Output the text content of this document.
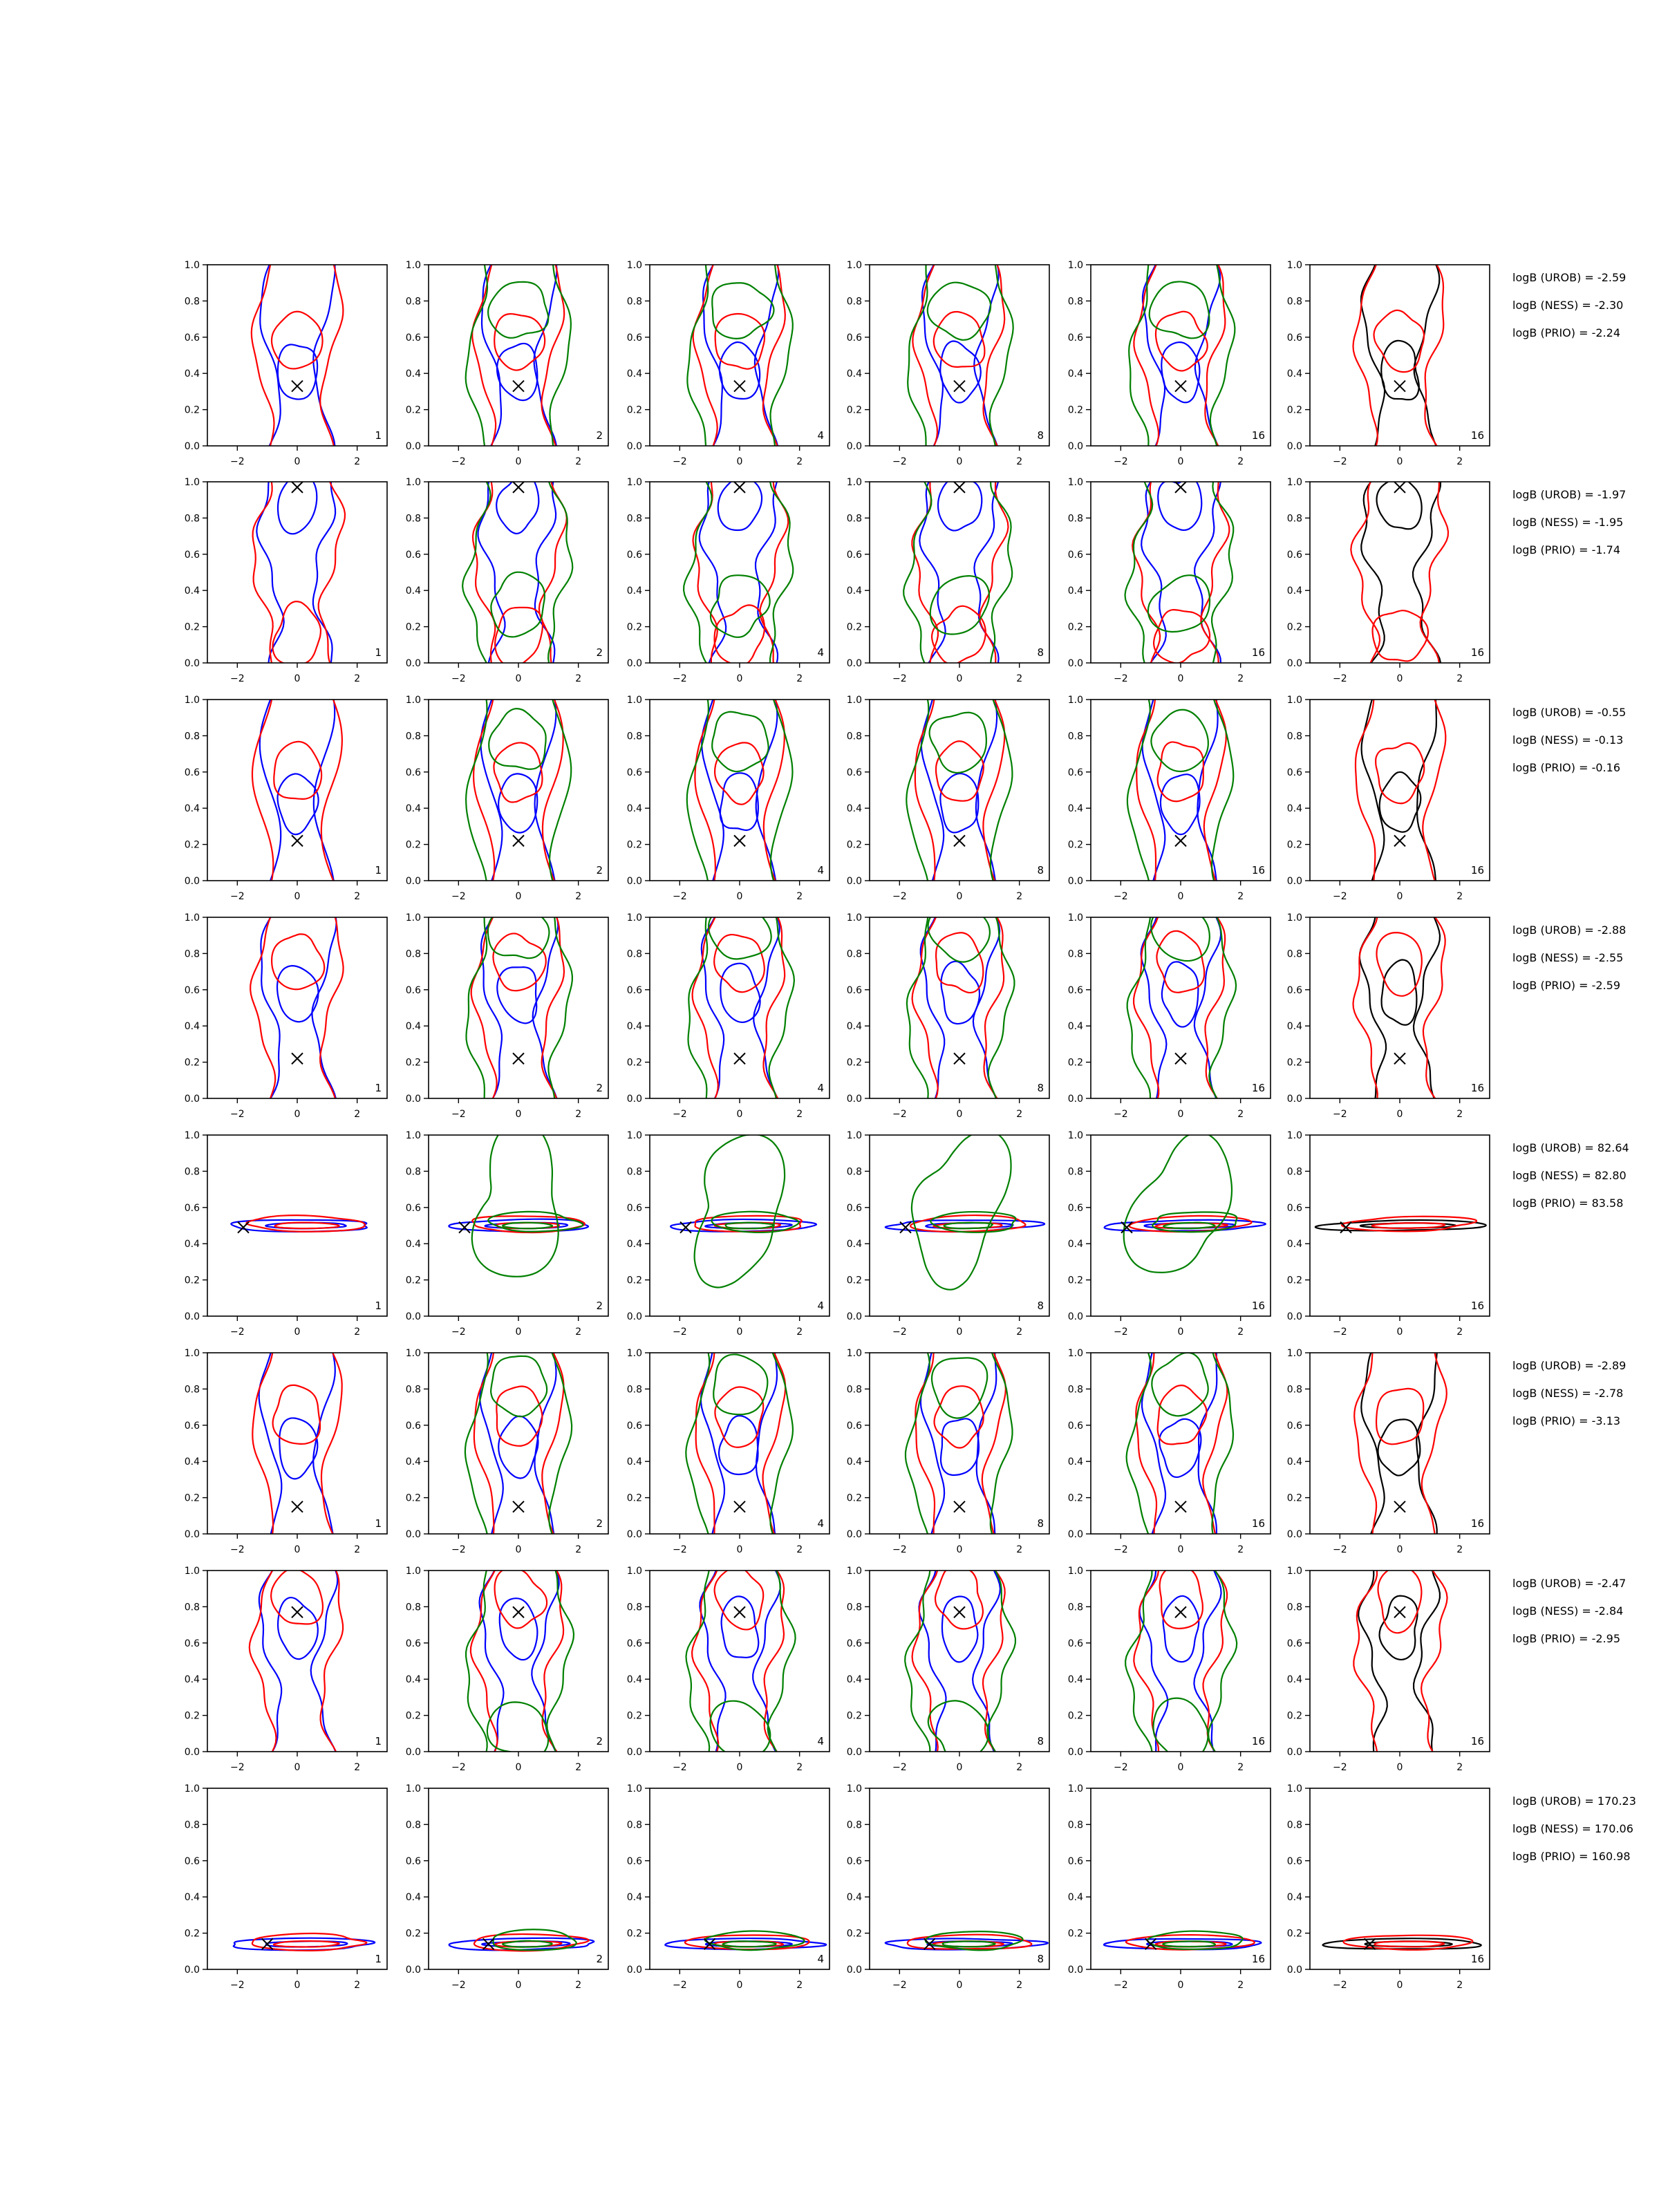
0.0
0.2
0.4
0.6
0.8
1.0
−2	0	2
1
0.0
0.2
0.4
0.6
0.8
1.0
−2	0	2
2
0.0
0.2
0.4
0.6
0.8
1.0
−2	0	2
4
0.0
0.2
0.4
0.6
0.8
1.0
−2	0	2
8
0.0
0.2
0.4
0.6
0.8
1.0
−2	0	2
16
0.0
0.2
0.4
0.6
0.8
1.0
−2	0	2
16
logB (UROB) = -2.59
logB (NESS) = -2.30
logB (PRIO) = -2.24
0.0
0.2
0.4
0.6
0.8
1.0
−2	0	2
1
0.0
0.2
0.4
0.6
0.8
1.0
−2	0	2
2
0.0
0.2
0.4
0.6
0.8
1.0
−2	0	2
4
0.0
0.2
0.4
0.6
0.8
1.0
−2	0	2
8
0.0
0.2
0.4
0.6
0.8
1.0
−2	0	2
16
0.0
0.2
0.4
0.6
0.8
1.0
−2	0	2
16
logB (UROB) = -1.97
logB (NESS) = -1.95
logB (PRIO) = -1.74
0.0
0.2
0.4
0.6
0.8
1.0
−2	0	2
1
0.0
0.2
0.4
0.6
0.8
1.0
−2	0	2
2
0.0
0.2
0.4
0.6
0.8
1.0
−2	0	2
4
0.0
0.2
0.4
0.6
0.8
1.0
−2	0	2
8
0.0
0.2
0.4
0.6
0.8
1.0
−2	0	2
16
0.0
0.2
0.4
0.6
0.8
1.0
−2	0	2
16
logB (UROB) = -0.55
logB (NESS) = -0.13
logB (PRIO) = -0.16
0.0
0.2
0.4
0.6
0.8
1.0
−2	0	2
1
0.0
0.2
0.4
0.6
0.8
1.0
−2	0	2
2
0.0
0.2
0.4
0.6
0.8
1.0
−2	0	2
4
0.0
0.2
0.4
0.6
0.8
1.0
−2	0	2
8
0.0
0.2
0.4
0.6
0.8
1.0
−2	0	2
16
0.0
0.2
0.4
0.6
0.8
1.0
−2	0	2
16
logB (UROB) = -2.88
logB (NESS) = -2.55
logB (PRIO) = -2.59
0.0
0.2
0.4
0.6
0.8
1.0
−2	0	2
1
0.0
0.2
0.4
0.6
0.8
1.0
−2	0	2
2
0.0
0.2
0.4
0.6
0.8
1.0
−2	0	2
4
0.0
0.2
0.4
0.6
0.8
1.0
−2	0	2
8
0.0
0.2
0.4
0.6
0.8
1.0
−2	0	2
16
0.0
0.2
0.4
0.6
0.8
1.0
−2	0	2
16
logB (UROB) = 82.64
logB (NESS) = 82.80
logB (PRIO) = 83.58
0.0
0.2
0.4
0.6
0.8
1.0
−2	0	2
1
0.0
0.2
0.4
0.6
0.8
1.0
−2	0	2
2
0.0
0.2
0.4
0.6
0.8
1.0
−2	0	2
4
0.0
0.2
0.4
0.6
0.8
1.0
−2	0	2
8
0.0
0.2
0.4
0.6
0.8
1.0
−2	0	2
16
0.0
0.2
0.4
0.6
0.8
1.0
−2	0	2
16
logB (UROB) = -2.89
logB (NESS) = -2.78
logB (PRIO) = -3.13
0.0
0.2
0.4
0.6
0.8
1.0
−2	0	2
1
0.0
0.2
0.4
0.6
0.8
1.0
−2	0	2
2
0.0
0.2
0.4
0.6
0.8
1.0
−2	0	2
4
0.0
0.2
0.4
0.6
0.8
1.0
−2	0	2
8
0.0
0.2
0.4
0.6
0.8
1.0
−2	0	2
16
0.0
0.2
0.4
0.6
0.8
1.0
−2	0	2
16
logB (UROB) = -2.47
logB (NESS) = -2.84
logB (PRIO) = -2.95
0.0
0.2
0.4
0.6
0.8
1.0
−2	0	2
1
0.0
0.2
0.4
0.6
0.8
1.0
−2	0	2
2
0.0
0.2
0.4
0.6
0.8
1.0
−2	0	2
4
0.0
0.2
0.4
0.6
0.8
1.0
−2	0	2
8
0.0
0.2
0.4
0.6
0.8
1.0
−2	0	2
16
0.0
0.2
0.4
0.6
0.8
1.0
−2	0	2
16
logB (UROB) = 170.23
logB (NESS) = 170.06
logB (PRIO) = 160.98
